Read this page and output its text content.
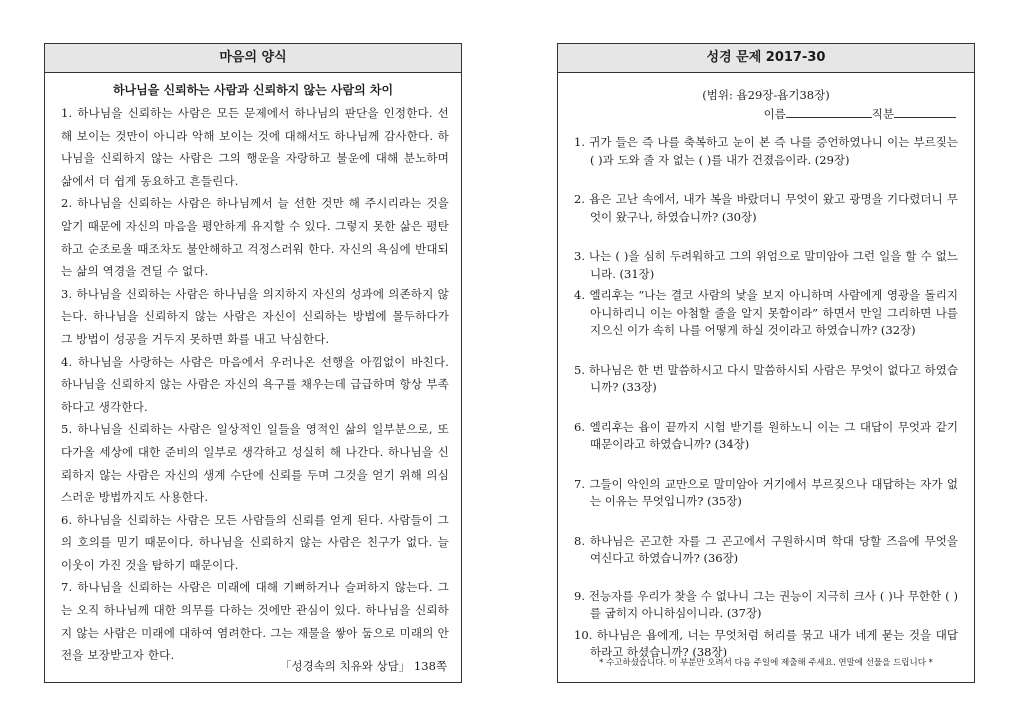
마음의 양식
하나님을 신뢰하는 사람과 신뢰하지 않는 사람의 차이
1. 하나님을 신뢰하는 사람은 모든 문제에서 하나님의 판단을 인정한다. 선해 보이는 것만이 아니라 악해 보이는 것에 대해서도 하나님께 감사한다. 하나님을 신뢰하지 않는 사람은 그의 행운을 자랑하고 불운에 대해 분노하며 삶에서 더 쉽게 동요하고 흔들린다.
2. 하나님을 신뢰하는 사람은 하나님께서 늘 선한 것만 해 주시리라는 것을 알기 때문에 자신의 마음을 평안하게 유지할 수 있다. 그렇지 못한 삶은 평탄하고 순조로울 때조차도 불안해하고 걱정스러워 한다. 자신의 욕심에 반대되는 삶의 역경을 견딜 수 없다.
3. 하나님을 신뢰하는 사람은 하나님을 의지하지 자신의 성과에 의존하지 않는다. 하나님을 신뢰하지 않는 사람은 자신이 신뢰하는 방법에 몰두하다가 그 방법이 성공을 거두지 못하면 화를 내고 낙심한다.
4. 하나님을 사랑하는 사람은 마음에서 우러나온 선행을 아낌없이 바친다. 하나님을 신뢰하지 않는 사람은 자신의 욕구를 채우는데 급급하며 항상 부족하다고 생각한다.
5. 하나님을 신뢰하는 사람은 일상적인 일들을 영적인 삶의 일부분으로, 또 다가올 세상에 대한 준비의 일부로 생각하고 성실히 해 나간다. 하나님을 신뢰하지 않는 사람은 자신의 생계 수단에 신뢰를 두며 그것을 얻기 위해 의심스러운 방법까지도 사용한다.
6. 하나님을 신뢰하는 사람은 모든 사람들의 신뢰를 얻게 된다. 사람들이 그의 호의를 믿기 때문이다. 하나님을 신뢰하지 않는 사람은 친구가 없다. 늘 이웃이 가진 것을 탐하기 때문이다.
7. 하나님을 신뢰하는 사람은 미래에 대해 기뻐하거나 슬퍼하지 않는다. 그는 오직 하나님께 대한 의무를 다하는 것에만 관심이 있다. 하나님을 신뢰하지 않는 사람은 미래에 대하여 염려한다. 그는 재물을 쌓아 둠으로 미래의 안전을 보장받고자 한다.
「성경속의 치유와 상담」 138쪽
성경 문제 2017-30
(범위: 욥29장-욥기38장)
이름	직분
1. 귀가 들은 즉 나를 축복하고 눈이 본 즉 나를 증언하였나니 이는 부르짖는 ( )과 도와 줄 자 없는 ( )를 내가 건졌음이라. (29장)
2. 욥은 고난 속에서, 내가 복을 바랐더니 무엇이 왔고 광명을 기다렸더니 무엇이 왔구나, 하였습니까? (30장)
3. 나는 ( )을 심히 두려워하고 그의 위엄으로 말미암아 그런 일을 할 수 없느니라. (31장)
4. 엘리후는 “나는 결코 사람의 낯을 보지 아니하며 사람에게 영광을 돌리지 아니하리니 이는 아첨할 줄을 알지 못함이라” 하면서 만일 그리하면 나를 지으신 이가 속히 나를 어떻게 하실 것이라고 하였습니까? (32장)
5. 하나님은 한 번 말씀하시고 다시 말씀하시되 사람은 무엇이 없다고 하였습니까? (33장)
6. 엘리후는 욥이 끝까지 시험 받기를 원하노니 이는 그 대답이 무엇과 같기 때문이라고 하였습니까? (34장)
7. 그들이 악인의 교만으로 말미암아 거기에서 부르짖으나 대답하는 자가 없는 이유는 무엇입니까? (35장)
8. 하나님은 곤고한 자를 그 곤고에서 구원하시며 학대 당할 즈음에 무엇을 여신다고 하였습니까? (36장)
9. 전능자를 우리가 찾을 수 없나니 그는 권능이 지극히 크사 ( )나 무한한 ( )를 굽히지 아니하심이니라. (37장)
10. 하나님은 욥에게, 너는 무엇처럼 허리를 묶고 내가 네게 묻는 것을 대답하라고 하셨습니까? (38장)
* 수고하셨습니다. 이 부분만 오려서 다음 주일에 제출해 주세요. 연말에 선물을 드립니다 *
